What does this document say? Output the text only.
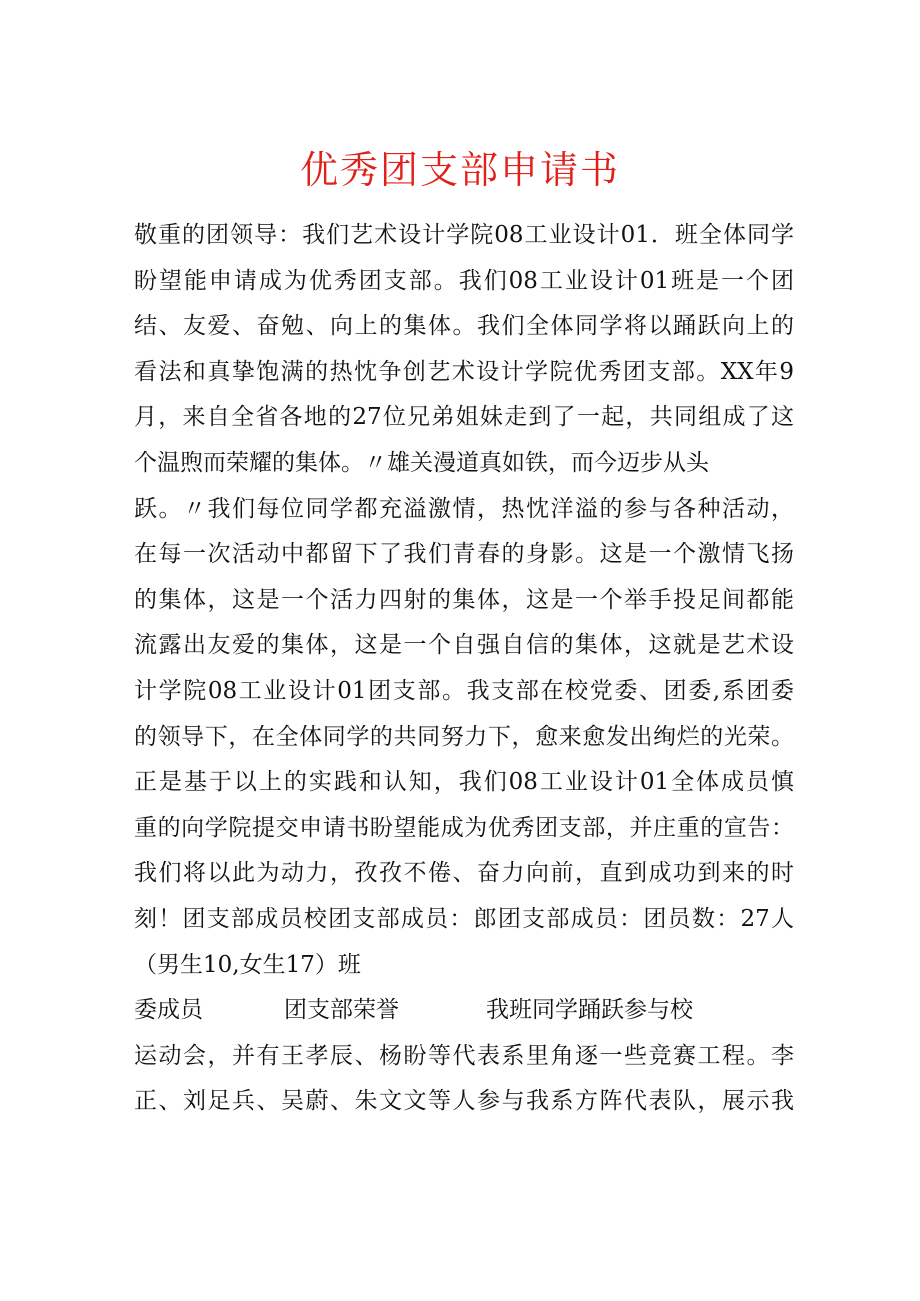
优秀团支部申请书
敬重的团领导：我们艺术设计学院08工业设计01．班全体同学
盼望能申请成为优秀团支部。我们08工业设计01班是一个团
结、友爱、奋勉、向上的集体。我们全体同学将以踊跃向上的
看法和真挚饱满的热忱争创艺术设计学院优秀团支部。XX年9
月，来自全省各地的27位兄弟姐妹走到了一起，共同组成了这
个温煦而荣耀的集体。〃雄关漫道真如铁，而今迈步从头
跃。〃我们每位同学都充溢激情，热忱洋溢的参与各种活动，
在每一次活动中都留下了我们青春的身影。这是一个激情飞扬
的集体，这是一个活力四射的集体，这是一个举手投足间都能
流露出友爱的集体，这是一个自强自信的集体，这就是艺术设
计学院08工业设计01团支部。我支部在校党委、团委,系团委
的领导下，在全体同学的共同努力下，愈来愈发出绚烂的光荣。
正是基于以上的实践和认知，我们08工业设计01全体成员慎
重的向学院提交申请书盼望能成为优秀团支部，并庄重的宣告：
我们将以此为动力，孜孜不倦、奋力向前，直到成功到来的时
刻！团支部成员校团支部成员：郎团支部成员：团员数：27人
（男生10,女生17）班
委成员	团支部荣誉	我班同学踊跃参与校
运动会，并有王孝辰、杨盼等代表系里角逐一些竞赛工程。李
正、刘足兵、吴蔚、朱文文等人参与我系方阵代表队，展示我
